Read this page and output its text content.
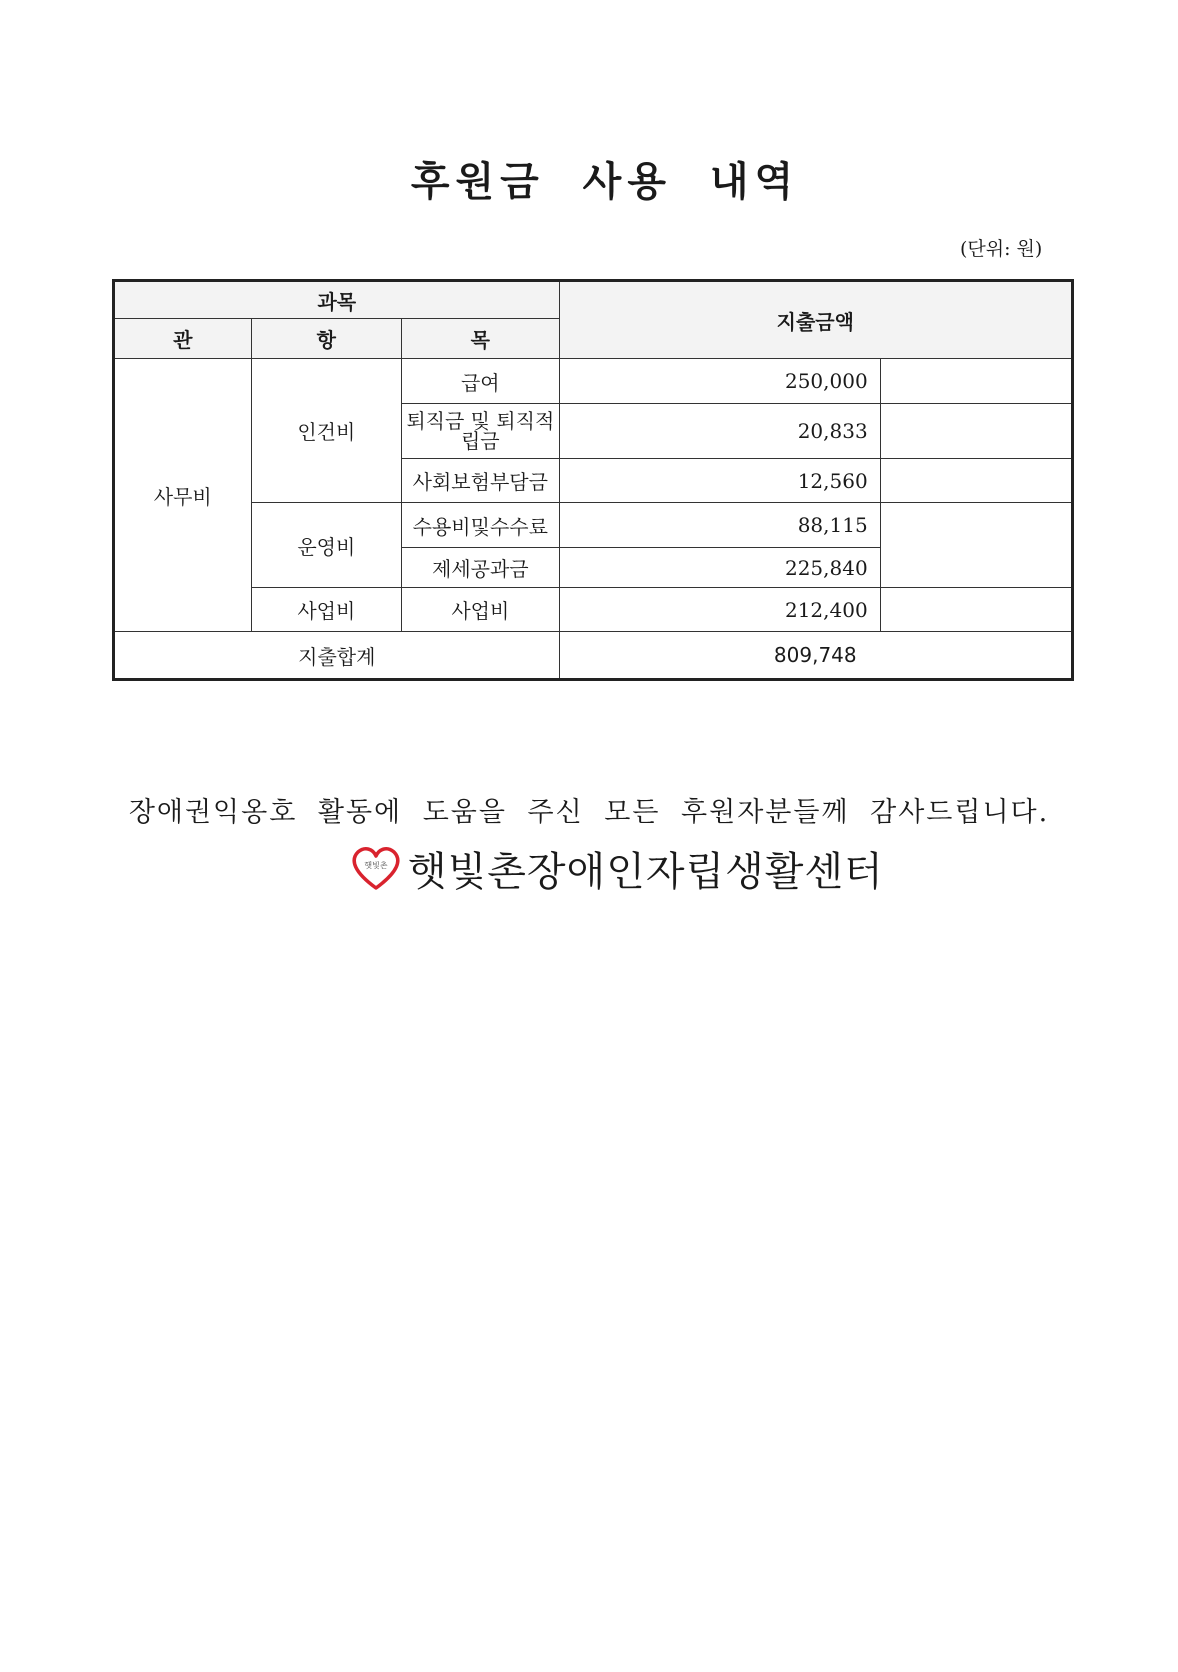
후원금 사용 내역
(단위: 원)
과목			지출금액	
관	항	목		
사무비	인건비	급여	250,000	
		퇴직금 및 퇴직적립금	20,833	
		사회보험부담금	12,560	
	운영비	수용비및수수료	88,115	
		제세공과금	225,840	
	사업비	사업비	212,400	
지출합계			809,748	
장애권익옹호 활동에 도움을 주신 모든 후원자분들께 감사드립니다.
햇빛촌 햇빛촌장애인자립생활센터
